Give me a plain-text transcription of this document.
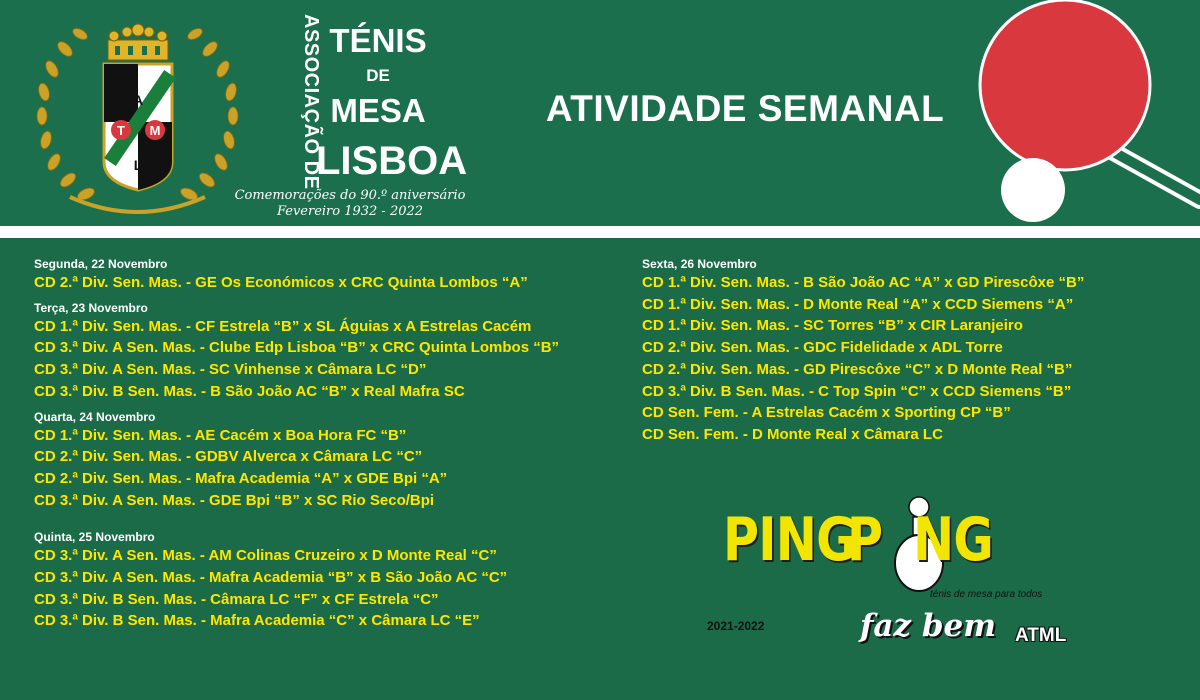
A
T M
L	ASSOCIAÇÃO DE TÉNIS
DE
MESA
LISBOA
Comemorações do 90.º aniversário
Fevereiro 1932 - 2022
ATIVIDADE SEMANAL
Segunda, 22 Novembro
CD 2.ª Div. Sen. Mas. - GE Os Económicos x CRC Quinta Lombos “A”
Terça, 23 Novembro
CD 1.ª Div. Sen. Mas. - CF Estrela “B” x SL Águias x A Estrelas Cacém
CD 3.ª Div. A Sen. Mas. - Clube Edp Lisboa “B” x CRC Quinta Lombos “B”
CD 3.ª Div. A Sen. Mas. - SC Vinhense x Câmara LC “D”
CD 3.ª Div. B Sen. Mas. - B São João AC “B” x Real Mafra SC
Quarta, 24 Novembro
CD 1.ª Div. Sen. Mas. - AE Cacém x Boa Hora FC “B”
CD 2.ª Div. Sen. Mas. - GDBV Alverca x Câmara LC “C”
CD 2.ª Div. Sen. Mas. - Mafra Academia “A” x GDE Bpi “A”
CD 3.ª Div. A Sen. Mas. - GDE Bpi “B” x SC Rio Seco/Bpi
Quinta, 25 Novembro
CD 3.ª Div. A Sen. Mas. - AM Colinas Cruzeiro x D Monte Real “C”
CD 3.ª Div. A Sen. Mas. - Mafra Academia “B” x B São João AC “C”
CD 3.ª Div. B Sen. Mas. - Câmara LC “F” x CF Estrela “C”
CD 3.ª Div. B Sen. Mas. - Mafra Academia “C” x Câmara LC “E”
Sexta, 26 Novembro
CD 1.ª Div. Sen. Mas. - B São João AC “A” x GD Pirescôxe “B”
CD 1.ª Div. Sen. Mas. - D Monte Real “A” x CCD Siemens “A”
CD 1.ª Div. Sen. Mas. - SC Torres “B” x CIR Laranjeiro
CD 2.ª Div. Sen. Mas. - GDC Fidelidade x ADL Torre
CD 2.ª Div. Sen. Mas. - GD Pirescôxe “C” x D Monte Real “B”
CD 3.ª Div. B Sen. Mas. - C Top Spin “C” x CCD Siemens “B”
CD Sen. Fem. - A Estrelas Cacém x Sporting CP “B”
CD Sen. Fem. - D Monte Real x Câmara LC
PING
P NG
ténis de mesa para todos
2021-2022	faz bem ATML
